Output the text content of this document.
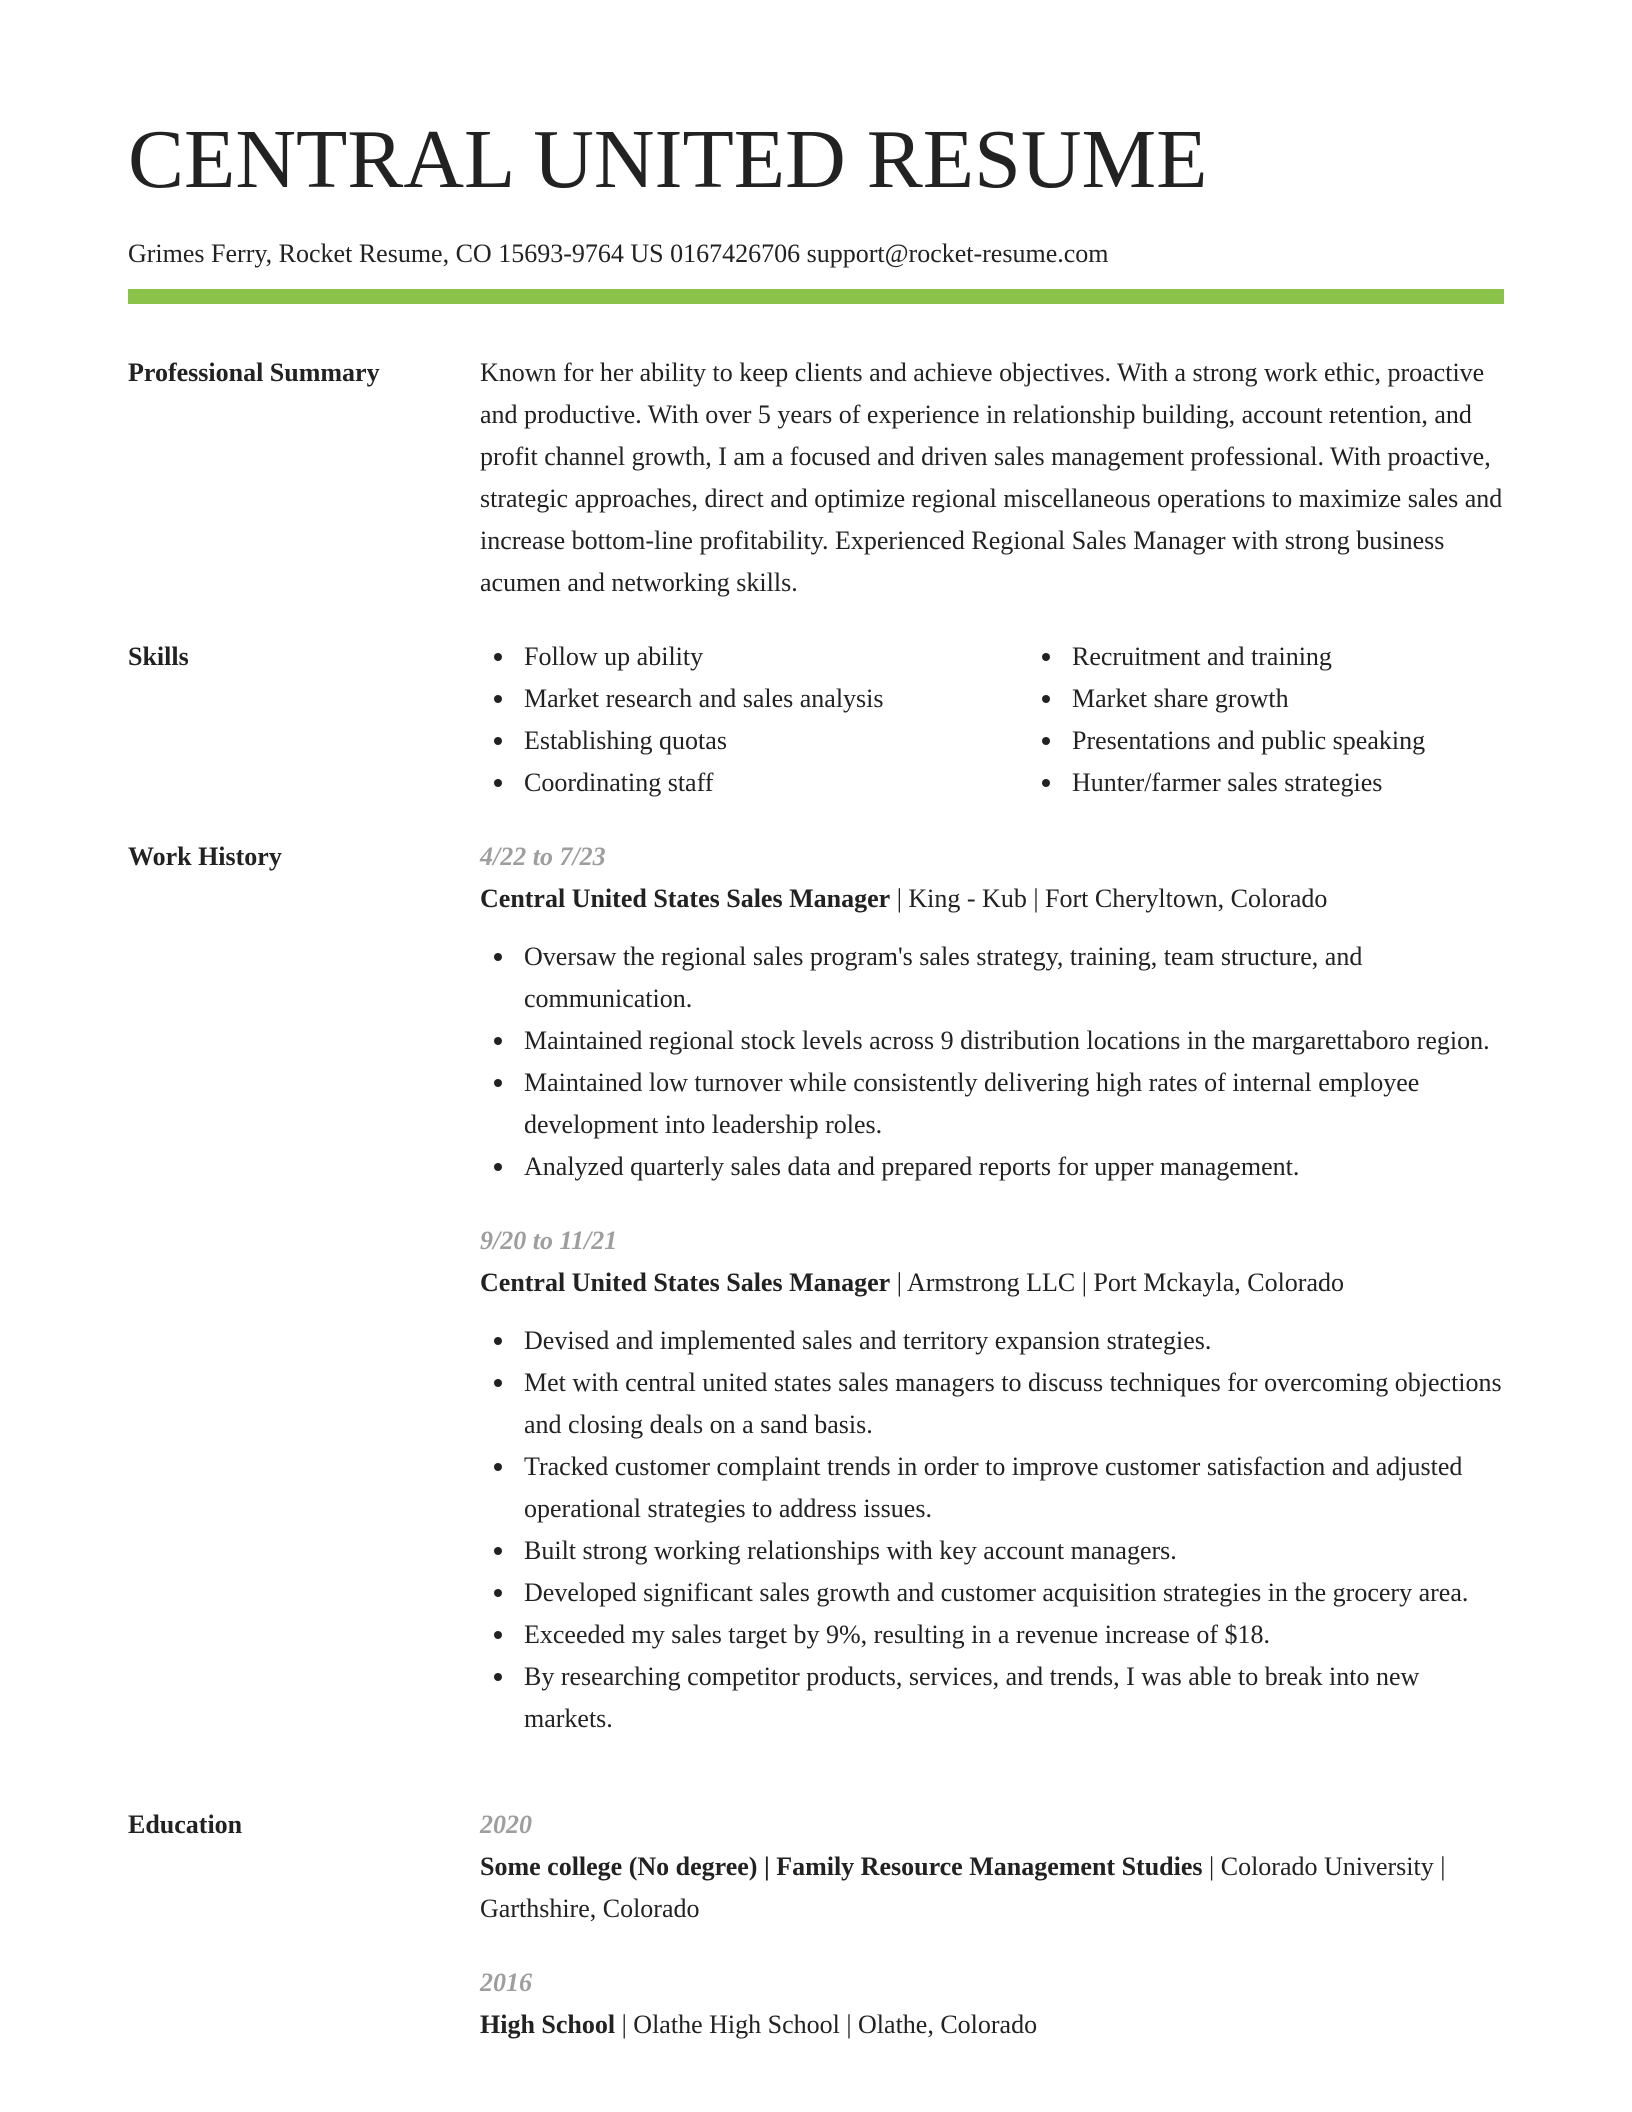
CENTRAL UNITED RESUME
Grimes Ferry, Rocket Resume, CO 15693-9764 US 0167426706 support@rocket-resume.com
Professional Summary	Known for her ability to keep clients and achieve objectives. With a strong work ethic, proactive and productive. With over 5 years of experience in relationship building, account retention, and profit channel growth, I am a focused and driven sales management professional. With proactive, strategic approaches, direct and optimize regional miscellaneous operations to maximize sales and increase bottom-line profitability. Experienced Regional Sales Manager with strong business acumen and networking skills.
Skills	Follow up ability
Market research and sales analysis
Establishing quotas
Coordinating staff
Recruitment and training
Market share growth
Presentations and public speaking
Hunter/farmer sales strategies
Work History	4/22 to 7/23
Central United States Sales Manager | King - Kub | Fort Cheryltown, Colorado
Oversaw the regional sales program's sales strategy, training, team structure, and communication.
Maintained regional stock levels across 9 distribution locations in the margarettaboro region.
Maintained low turnover while consistently delivering high rates of internal employee development into leadership roles.
Analyzed quarterly sales data and prepared reports for upper management.
9/20 to 11/21
Central United States Sales Manager | Armstrong LLC | Port Mckayla, Colorado
Devised and implemented sales and territory expansion strategies.
Met with central united states sales managers to discuss techniques for overcoming objections and closing deals on a sand basis.
Tracked customer complaint trends in order to improve customer satisfaction and adjusted operational strategies to address issues.
Built strong working relationships with key account managers.
Developed significant sales growth and customer acquisition strategies in the grocery area.
Exceeded my sales target by 9%, resulting in a revenue increase of $18.
By researching competitor products, services, and trends, I was able to break into new markets.
Education	2020
Some college (No degree) | Family Resource Management Studies | Colorado University | Garthshire, Colorado
2016
High School | Olathe High School | Olathe, Colorado
